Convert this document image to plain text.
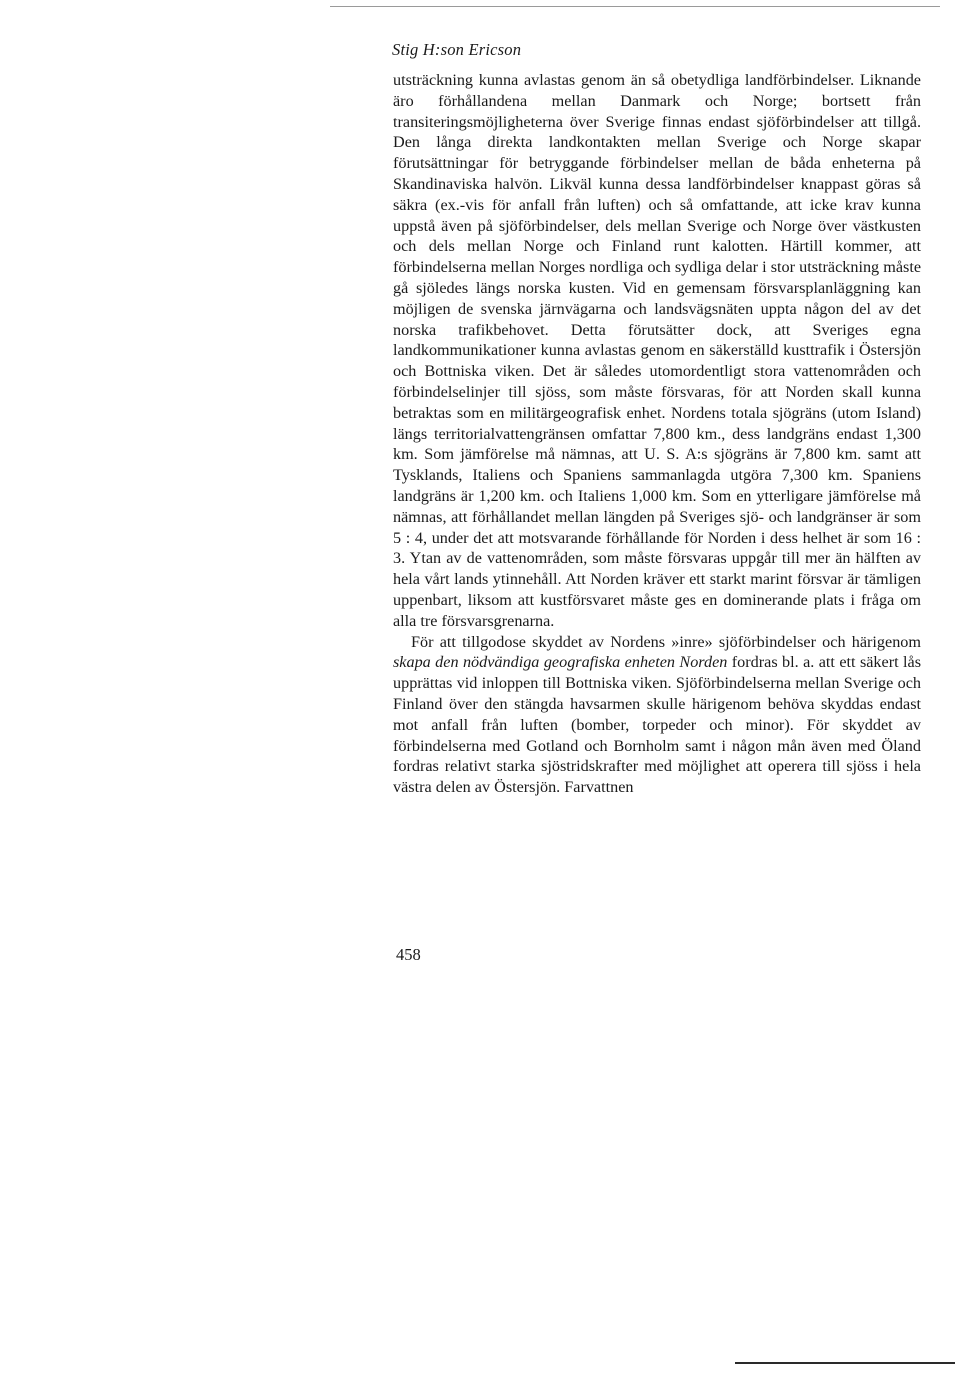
Stig H:son Ericson

utsträckning kunna avlastas genom än så obetydliga landförbindelser. Liknande äro förhållandena mellan Danmark och Norge; bortsett från transiteringsmöjligheterna över Sverige finnas endast sjöförbindelser att tillgå. Den långa direkta landkontakten mellan Sverige och Norge skapar förutsättningar för betryggande förbindelser mellan de båda enheterna på Skandinaviska halvön. Likväl kunna dessa landförbindelser knappast göras så säkra (ex.-vis för anfall från luften) och så omfattande, att icke krav kunna uppstå även på sjöförbindelser, dels mellan Sverige och Norge över västkusten och dels mellan Norge och Finland runt kalotten. Härtill kommer, att förbindelserna mellan Norges nordliga och sydliga delar i stor utsträckning måste gå sjöledes längs norska kusten. Vid en gemensam försvarsplanläggning kan möjligen de svenska järnvägarna och landsvägsnäten uppta någon del av det norska trafikbehovet. Detta förutsätter dock, att Sveriges egna landkommunikationer kunna avlastas genom en säkerställd kusttrafik i Östersjön och Bottniska viken. Det är således utomordentligt stora vattenområden och förbindelselinjer till sjöss, som måste försvaras, för att Norden skall kunna betraktas som en militärgeografisk enhet. Nordens totala sjögräns (utom Island) längs territorialvattengränsen omfattar 7,800 km., dess landgräns endast 1,300 km. Som jämförelse må nämnas, att U. S. A:s sjögräns är 7,800 km. samt att Tysklands, Italiens och Spaniens sammanlagda utgöra 7,300 km. Spaniens landgräns är 1,200 km. och Italiens 1,000 km. Som en ytterligare jämförelse må nämnas, att förhållandet mellan längden på Sveriges sjö- och landgränser är som 5 : 4, under det att motsvarande förhållande för Norden i dess helhet är som 16 : 3. Ytan av de vattenområden, som måste försvaras uppgår till mer än hälften av hela vårt lands ytinnehåll. Att Norden kräver ett starkt marint försvar är tämligen uppenbart, liksom att kustförsvaret måste ges en dominerande plats i fråga om alla tre försvarsgrenarna.

För att tillgodose skyddet av Nordens »inre» sjöförbindelser och härigenom skapa den nödvändiga geografiska enheten Norden fordras bl. a. att ett säkert lås upprättas vid inloppen till Bottniska viken. Sjöförbindelserna mellan Sverige och Finland över den stängda havsarmen skulle härigenom behöva skyddas endast mot anfall från luften (bomber, torpeder och minor). För skyddet av förbindelserna med Gotland och Bornholm samt i någon mån även med Öland fordras relativt starka sjöstridskrafter med möjlighet att operera till sjöss i hela västra delen av Östersjön. Farvattnen

458
